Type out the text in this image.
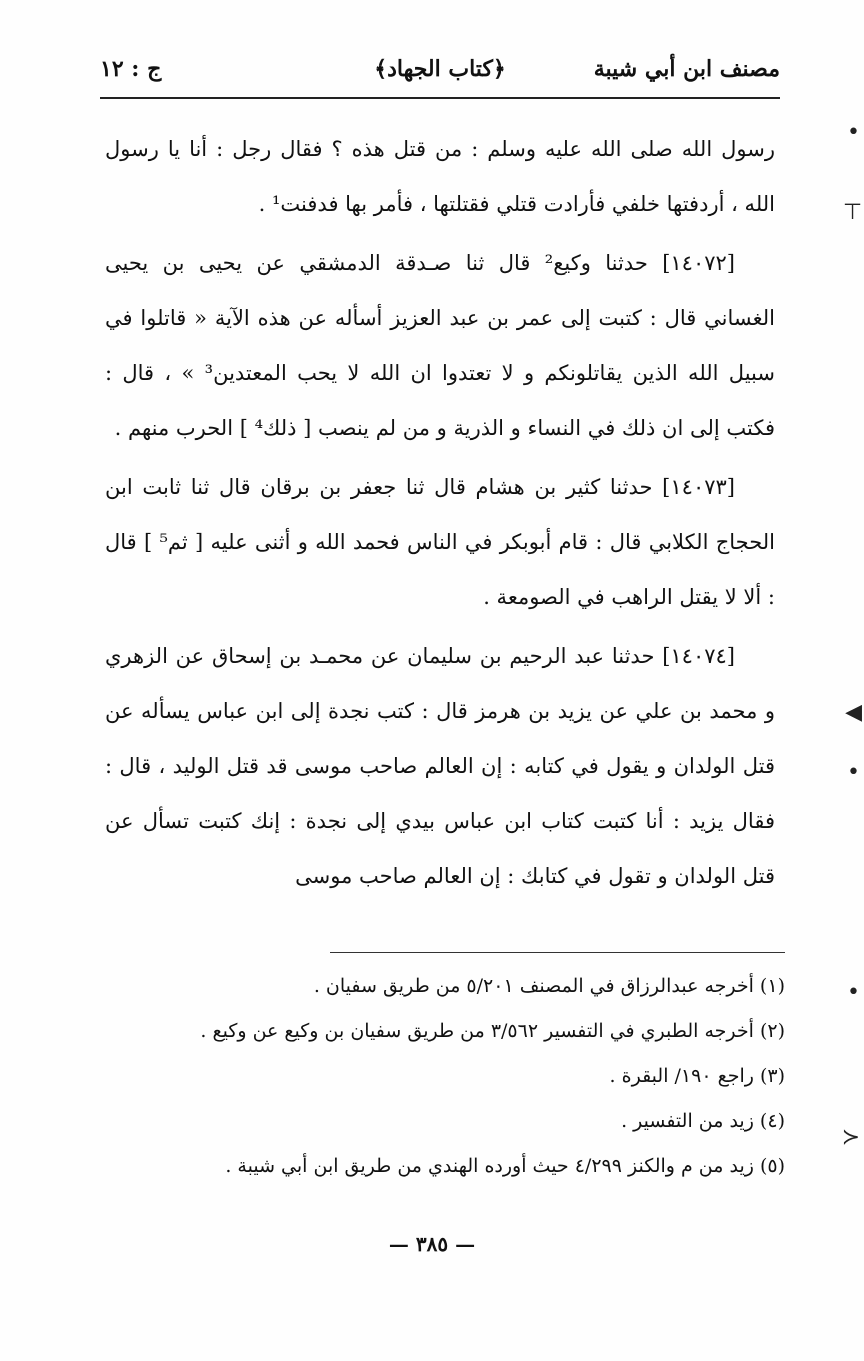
مصنف ابن أبي شيبة
﴿كتاب الجهاد﴾
ج : ١٢

رسول الله صلى الله عليه وسلم : من قتل هذه ؟ فقال رجل : أنا يا رسول الله ، أردفتها خلفي فأرادت قتلي فقتلتها ، فأمر بها فدفنت¹ .

[١٤٠٧٢] حدثنا وكيع² قال ثنا صـدقة الدمشقي عن يحيى بن يحيى الغساني قال : كتبت إلى عمر بن عبد العزيز أسأله عن هذه الآية « قاتلوا في سبيل الله الذين يقاتلونكم و لا تعتدوا ان الله لا يحب المعتدين³ » ، قال : فكتب إلى ان ذلك في النساء و الذرية و من لم ينصب [ ذلك⁴ ] الحرب منهم .

[١٤٠٧٣] حدثنا كثير بن هشام قال ثنا جعفر بن برقان قال ثنا ثابت ابن الحجاج الكلابي قال : قام أبوبكر في الناس فحمد الله و أثنى عليه [ ثم⁵ ] قال : ألا لا يقتل الراهب في الصومعة .

[١٤٠٧٤] حدثنا عبد الرحيم بن سليمان عن محمـد بن إسحاق عن الزهري و محمد بن علي عن يزيد بن هرمز قال : كتب نجدة إلى ابن عباس يسأله عن قتل الولدان و يقول في كتابه : إن العالم صاحب موسى قد قتل الوليد ، قال : فقال يزيد : أنا كتبت كتاب ابن عباس بيدي إلى نجدة : إنك كتبت تسأل عن قتل الولدان و تقول في كتابك : إن العالم صاحب موسى

(١) أخرجه عبدالرزاق في المصنف ٥/٢٠١ من طريق سفيان .

(٢) أخرجه الطبري في التفسير ٣/٥٦٢ من طريق سفيان بن وكيع عن وكيع .

(٣) راجع ١٩٠/ البقرة .

(٤) زيد من التفسير .

(٥) زيد من م والكنز ٤/٢٩٩ حيث أورده الهندي من طريق ابن أبي شيبة .

— ٣٨٥ —
•
⊤
◀
•
•
≺
